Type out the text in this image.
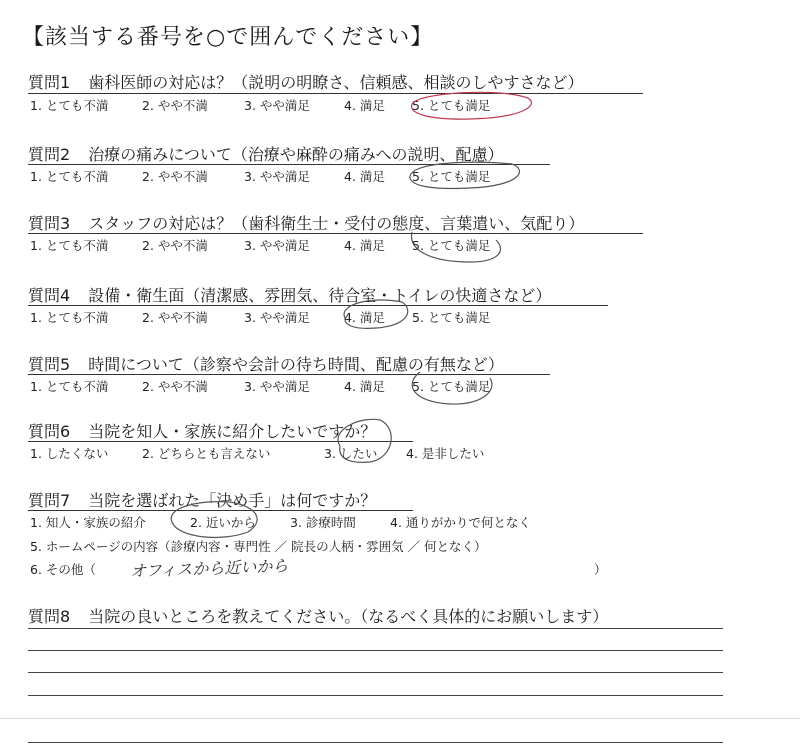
【該当する番号を○で囲んでください】
質問1 歯科医師の対応は？（説明の明瞭さ、信頼感、相談のしやすさなど）
1. とても不満	2. やや不満	3. やや満足	4. 満足 5. とても満足
質問2 治療の痛みについて（治療や麻酔の痛みへの説明、配慮）
1. とても不満	2. やや不満	3. やや満足	4. 満足 5. とても満足
質問3 スタッフの対応は？（歯科衛生士・受付の態度、言葉遣い、気配り）
1. とても不満	2. やや不満	3. やや満足	4. 満足 5. とても満足
質問4 設備・衛生面（清潔感、雰囲気、待合室・トイレの快適さなど）
1. とても不満	2. やや不満	3. やや満足	4. 満足 5. とても満足
質問5 時間について（診察や会計の待ち時間、配慮の有無など）
1. とても不満	2. やや不満	3. やや満足	4. 満足 5. とても満足
質問6 当院を知人・家族に紹介したいですか？
1. したくない	2. どちらとも言えない	3. したい 4. 是非したい
質問7 当院を選ばれた「決め手」は何ですか？
1. 知人・家族の紹介	2. 近いから	3. 診療時間	4. 通りがかりで何となく
5. ホームページの内容（診療内容・専門性 ／ 院長の人柄・雰囲気 ／ 何となく）
6. その他（ オフィスから近いから	）
質問8 当院の良いところを教えてください。（なるべく具体的にお願いします）
